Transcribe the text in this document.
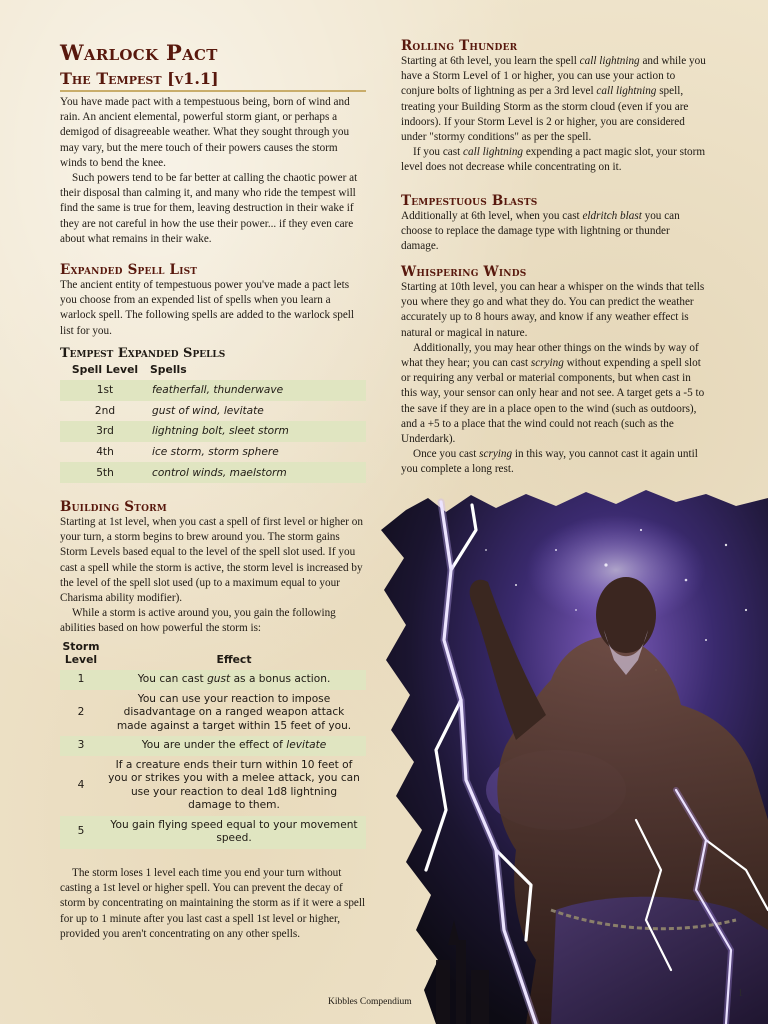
Warlock Pact
The Tempest [v1.1]

You have made pact with a tempestuous being, born of wind and rain. An ancient elemental, powerful storm giant, or perhaps a demigod of disagreeable weather. What they sought through you may vary, but the mere touch of their powers causes the storm winds to bend the knee.

Such powers tend to be far better at calling the chaotic power at their disposal than calming it, and many who ride the tempest will find the same is true for them, leaving destruction in their wake if they are not careful in how the use their power... if they even care about what remains in their wake.

Expanded Spell List

The ancient entity of tempestuous power you've made a pact lets you choose from an expended list of spells when you learn a warlock spell. The following spells are added to the warlock spell list for you.

Tempest Expanded Spells
Spell Level	Spells
1st	featherfall, thunderwave
2nd	gust of wind, levitate
3rd	lightning bolt, sleet storm
4th	ice storm, storm sphere
5th	control winds, maelstorm
Building Storm

Starting at 1st level, when you cast a spell of first level or higher on your turn, a storm begins to brew around you. The storm gains Storm Levels based equal to the level of the spell slot used. If you cast a spell while the storm is active, the storm level is increased by the level of the spell slot used (up to a maximum equal to your Charisma ability modifier).

While a storm is active around you, you gain the following abilities based on how powerful the storm is:

Storm
Level	Effect
1	You can cast gust as a bonus action.
2	You can use your reaction to impose disadvantage on a ranged weapon attack made against a target within 15 feet of you.
3	You are under the effect of levitate
4	If a creature ends their turn within 10 feet of you or strikes you with a melee attack, you can use your reaction to deal 1d8 lightning damage to them.
5	You gain flying speed equal to your movement speed.

The storm loses 1 level each time you end your turn without casting a 1st level or higher spell. You can prevent the decay of storm by concentrating on maintaining the storm as if it were a spell for up to 1 minute after you last cast a spell 1st level or higher, provided you aren't concentrating on any other spells.

Rolling Thunder

Starting at 6th level, you learn the spell call lightning and while you have a Storm Level of 1 or higher, you can use your action to conjure bolts of lightning as per a 3rd level call lightning spell, treating your Building Storm as the storm cloud (even if you are indoors). If your Storm Level is 2 or higher, you are considered under "stormy conditions" as per the spell.

If you cast call lightning expending a pact magic slot, your storm level does not decrease while concentrating on it.

Tempestuous Blasts

Additionally at 6th level, when you cast eldritch blast you can choose to replace the damage type with lightning or thunder damage.

Whispering Winds

Starting at 10th level, you can hear a whisper on the winds that tells you where they go and what they do. You can predict the weather accurately up to 8 hours away, and know if any weather effect is natural or magical in nature.

Additionally, you may hear other things on the winds by way of what they hear; you can cast scrying without expending a spell slot or requiring any verbal or material components, but when cast in this way, your sensor can only hear and not see. A target gets a -5 to the save if they are in a place open to the wind (such as outdoors), and a +5 to a place that the wind could not reach (such as the Underdark).

Once you cast scrying in this way, you cannot cast it again until you complete a long rest.

Kibbles Compendium
1
